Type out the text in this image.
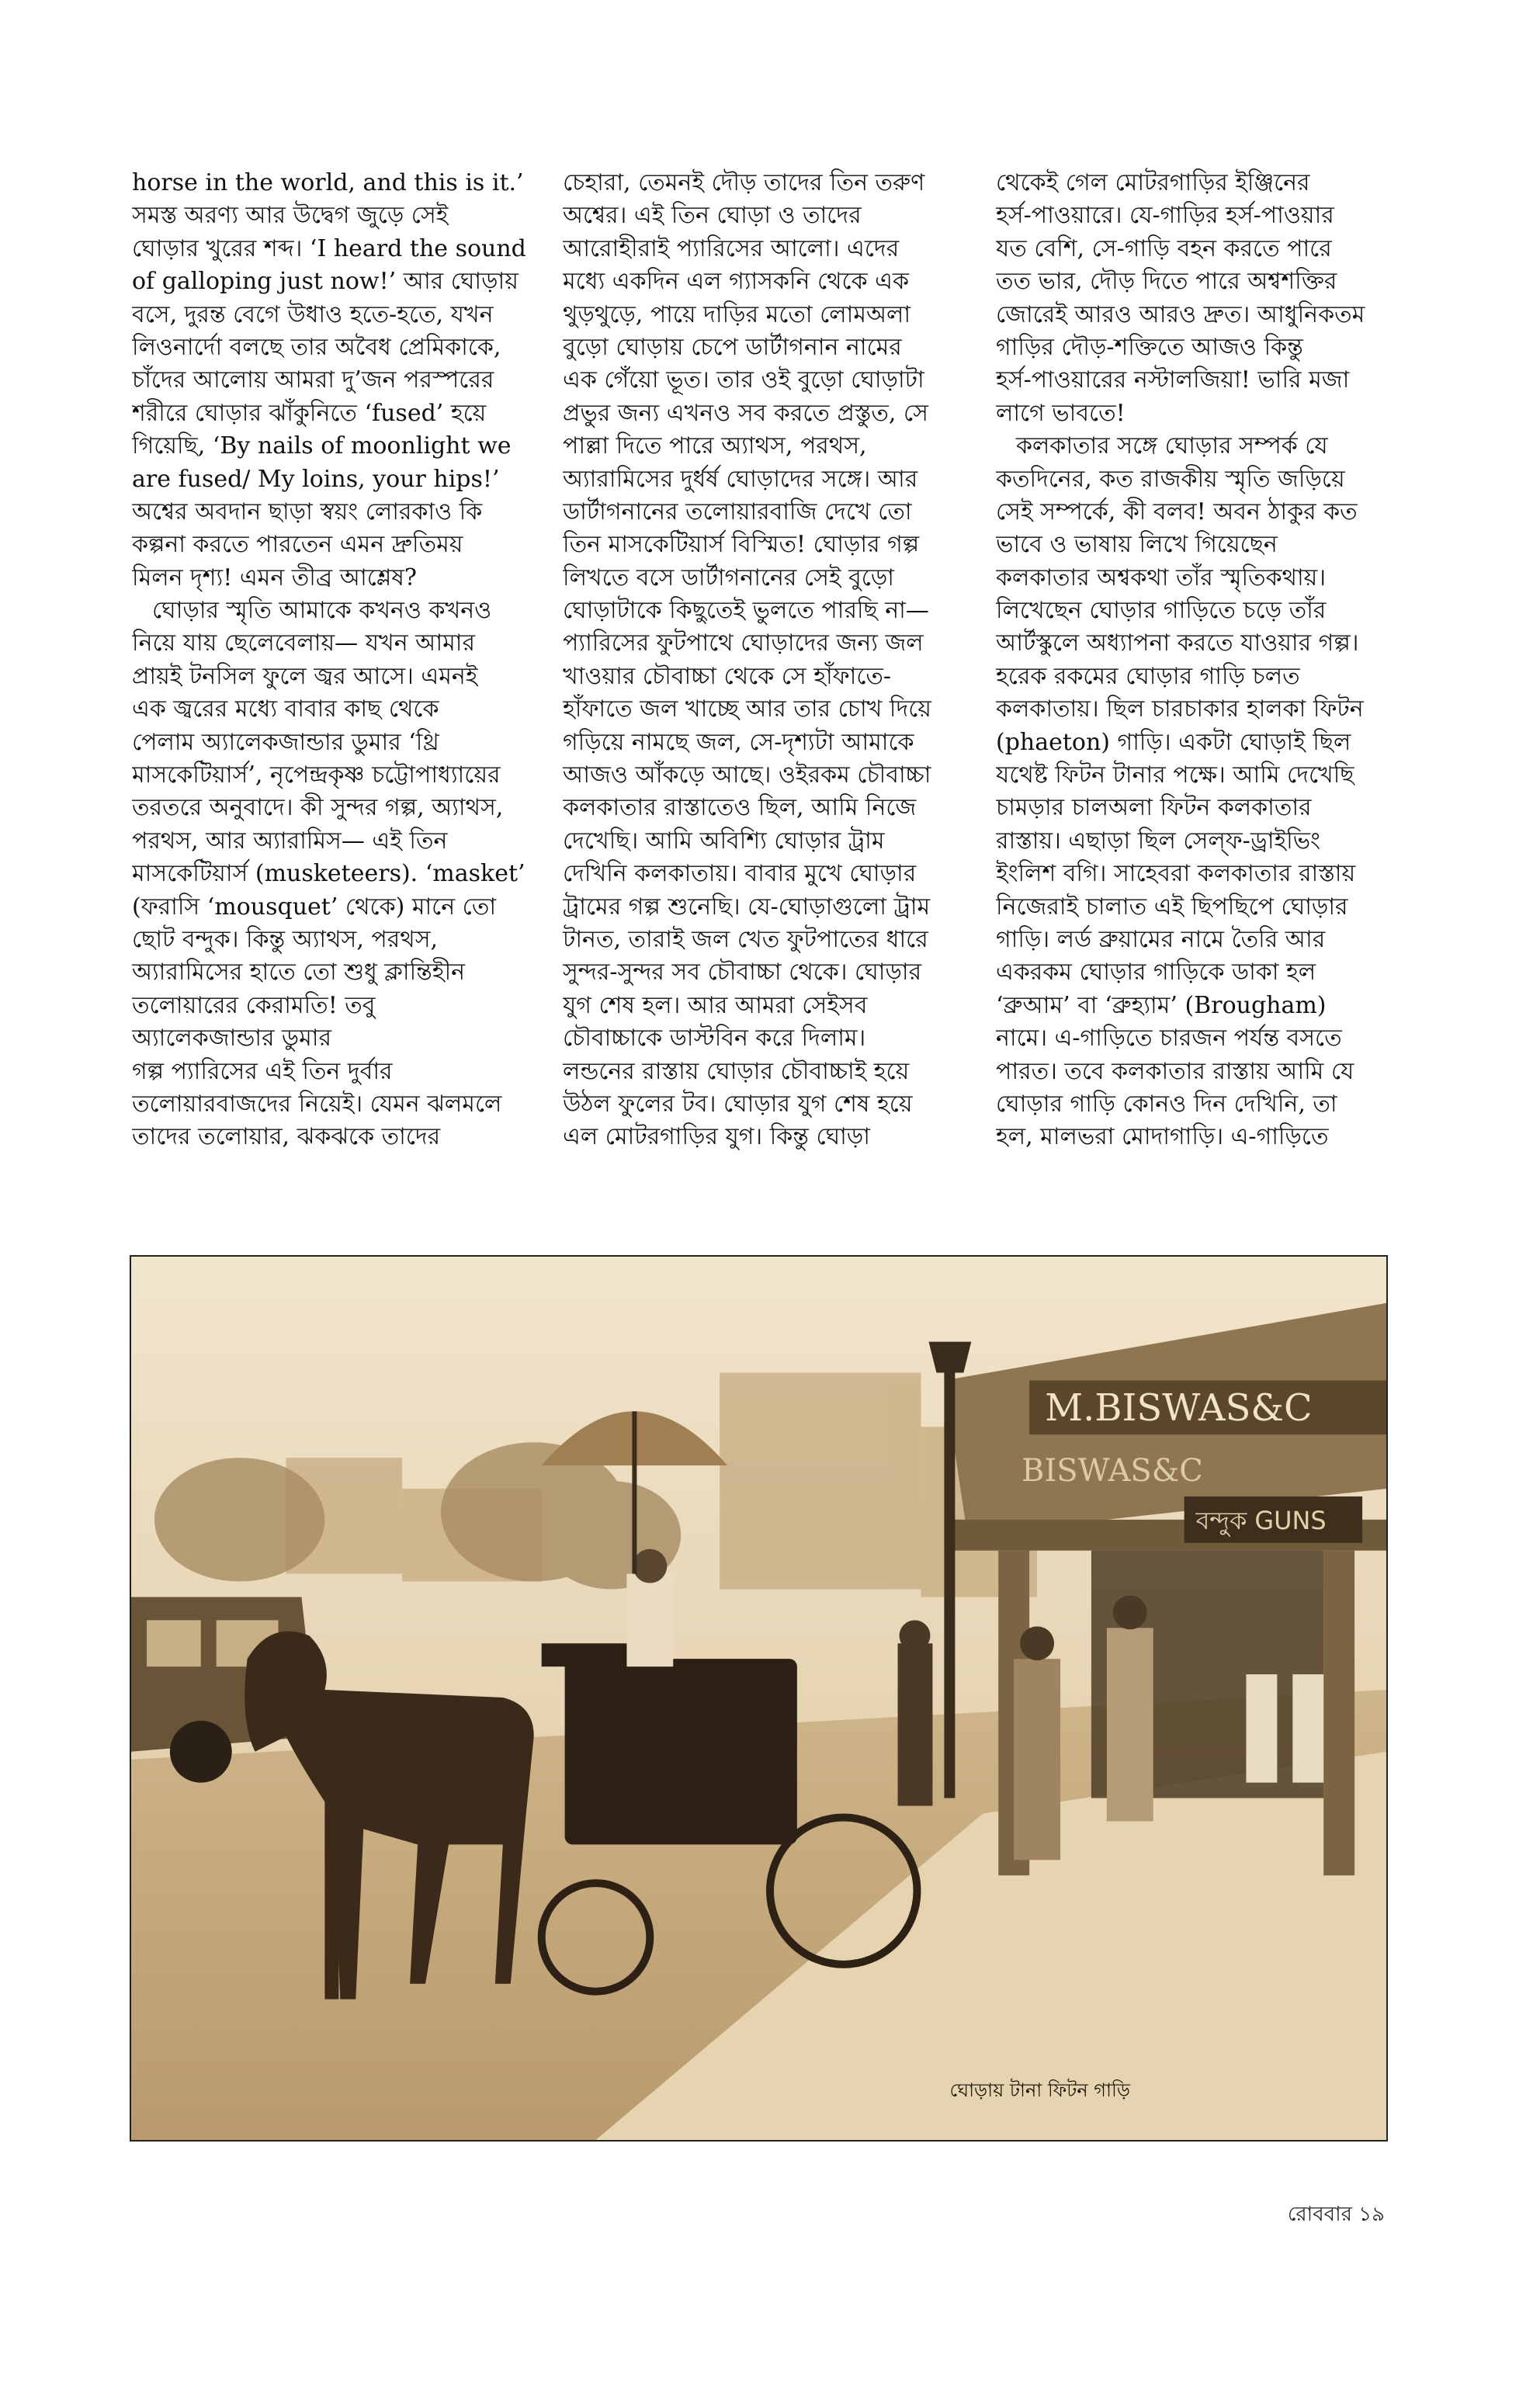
horse in the world, and this is it.’
সমস্ত অরণ্য আর উদ্বেগ জুড়ে সেই
ঘোড়ার খুরের শব্দ। ‘I heard the sound
of galloping just now!’ আর ঘোড়ায়
বসে, দুরন্ত বেগে উধাও হতে-হতে, যখন
লিওনার্দো বলছে তার অবৈধ প্রেমিকাকে,
চাঁদের আলোয় আমরা দু’জন পরস্পরের
শরীরে ঘোড়ার ঝাঁকুনিতে ‘fused’ হয়ে
গিয়েছি, ‘By nails of moonlight we
are fused/ My loins, your hips!’
অশ্বের অবদান ছাড়া স্বয়ং লোরকাও কি
কল্পনা করতে পারতেন এমন দ্রুতিময়
মিলন দৃশ্য! এমন তীব্র আশ্লেষ?
ঘোড়ার স্মৃতি আমাকে কখনও কখনও
নিয়ে যায় ছেলেবেলায়— যখন আমার
প্রায়ই টনসিল ফুলে জ্বর আসে। এমনই
এক জ্বরের মধ্যে বাবার কাছ থেকে
পেলাম অ্যালেকজান্ডার ডুমার ‘থ্রি
মাসকেটিয়ার্স’, নৃপেন্দ্রকৃষ্ণ চট্টোপাধ্যায়ের
তরতরে অনুবাদে। কী সুন্দর গল্প, অ্যাথস,
পরথস, আর অ্যারামিস— এই তিন
মাসকেটিয়ার্স (musketeers). ‘masket’
(ফরাসি ‘mousquet’ থেকে) মানে তো
ছোট বন্দুক। কিন্তু অ্যাথস, পরথস,
অ্যারামিসের হাতে তো শুধু ক্লান্তিহীন
তলোয়ারের কেরামতি! তবু
অ্যালেকজান্ডার ডুমার
গল্প প্যারিসের এই তিন দুর্বার
তলোয়ারবাজদের নিয়েই। যেমন ঝলমলে
তাদের তলোয়ার, ঝকঝকে তাদের
চেহারা, তেমনই দৌড় তাদের তিন তরুণ
অশ্বের। এই তিন ঘোড়া ও তাদের
আরোহীরাই প্যারিসের আলো। এদের
মধ্যে একদিন এল গ্যাসকনি থেকে এক
থুড়থুড়ে, পায়ে দাড়ির মতো লোমঅলা
বুড়ো ঘোড়ায় চেপে ডার্টাগনান নামের
এক গেঁয়ো ভূত। তার ওই বুড়ো ঘোড়াটা
প্রভুর জন্য এখনও সব করতে প্রস্তুত, সে
পাল্লা দিতে পারে অ্যাথস, পরথস,
অ্যারামিসের দুর্ধর্ষ ঘোড়াদের সঙ্গে। আর
ডার্টাগনানের তলোয়ারবাজি দেখে তো
তিন মাসকেটিয়ার্স বিস্মিত! ঘোড়ার গল্প
লিখতে বসে ডার্টাগনানের সেই বুড়ো
ঘোড়াটাকে কিছুতেই ভুলতে পারছি না—
প্যারিসের ফুটপাথে ঘোড়াদের জন্য জল
খাওয়ার চৌবাচ্চা থেকে সে হাঁফাতে-
হাঁফাতে জল খাচ্ছে আর তার চোখ দিয়ে
গড়িয়ে নামছে জল, সে-দৃশ্যটা আমাকে
আজও আঁকড়ে আছে। ওইরকম চৌবাচ্চা
কলকাতার রাস্তাতেও ছিল, আমি নিজে
দেখেছি। আমি অবিশ্যি ঘোড়ার ট্রাম
দেখিনি কলকাতায়। বাবার মুখে ঘোড়ার
ট্রামের গল্প শুনেছি। যে-ঘোড়াগুলো ট্রাম
টানত, তারাই জল খেত ফুটপাতের ধারে
সুন্দর-সুন্দর সব চৌবাচ্চা থেকে। ঘোড়ার
যুগ শেষ হল। আর আমরা সেইসব
চৌবাচ্চাকে ডাস্টবিন করে দিলাম।
লন্ডনের রাস্তায় ঘোড়ার চৌবাচ্চাই হয়ে
উঠল ফুলের টব। ঘোড়ার যুগ শেষ হয়ে
এল মোটরগাড়ির যুগ। কিন্তু ঘোড়া
থেকেই গেল মোটরগাড়ির ইঞ্জিনের
হর্স-পাওয়ারে। যে-গাড়ির হর্স-পাওয়ার
যত বেশি, সে-গাড়ি বহন করতে পারে
তত ভার, দৌড় দিতে পারে অশ্বশক্তির
জোরেই আরও আরও দ্রুত। আধুনিকতম
গাড়ির দৌড়-শক্তিতে আজও কিন্তু
হর্স-পাওয়ারের নস্টালজিয়া! ভারি মজা
লাগে ভাবতে!
কলকাতার সঙ্গে ঘোড়ার সম্পর্ক যে
কতদিনের, কত রাজকীয় স্মৃতি জড়িয়ে
সেই সম্পর্কে, কী বলব! অবন ঠাকুর কত
ভাবে ও ভাষায় লিখে গিয়েছেন
কলকাতার অশ্বকথা তাঁর স্মৃতিকথায়।
লিখেছেন ঘোড়ার গাড়িতে চড়ে তাঁর
আর্টস্কুলে অধ্যাপনা করতে যাওয়ার গল্প।
হরেক রকমের ঘোড়ার গাড়ি চলত
কলকাতায়। ছিল চারচাকার হালকা ফিটন
(phaeton) গাড়ি। একটা ঘোড়াই ছিল
যথেষ্ট ফিটন টানার পক্ষে। আমি দেখেছি
চামড়ার চালঅলা ফিটন কলকাতার
রাস্তায়। এছাড়া ছিল সেল্‌ফ-ড্রাইভিং
ইংলিশ বগি। সাহেবরা কলকাতার রাস্তায়
নিজেরাই চালাত এই ছিপছিপে ঘোড়ার
গাড়ি। লর্ড ব্রুয়ামের নামে তৈরি আর
একরকম ঘোড়ার গাড়িকে ডাকা হল
‘ব্রুআম’ বা ‘ব্রুহ্যাম’ (Brougham)
নামে। এ-গাড়িতে চারজন পর্যন্ত বসতে
পারত। তবে কলকাতার রাস্তায় আমি যে
ঘোড়ার গাড়ি কোনও দিন দেখিনি, তা
হল, মালভরা মোদাগাড়ি। এ-গাড়িতে
M.BISWAS&C
BISWAS&C
বন্দুক GUNS
ঘোড়ায় টানা ফিটন গাড়ি
রোববার ১৯
